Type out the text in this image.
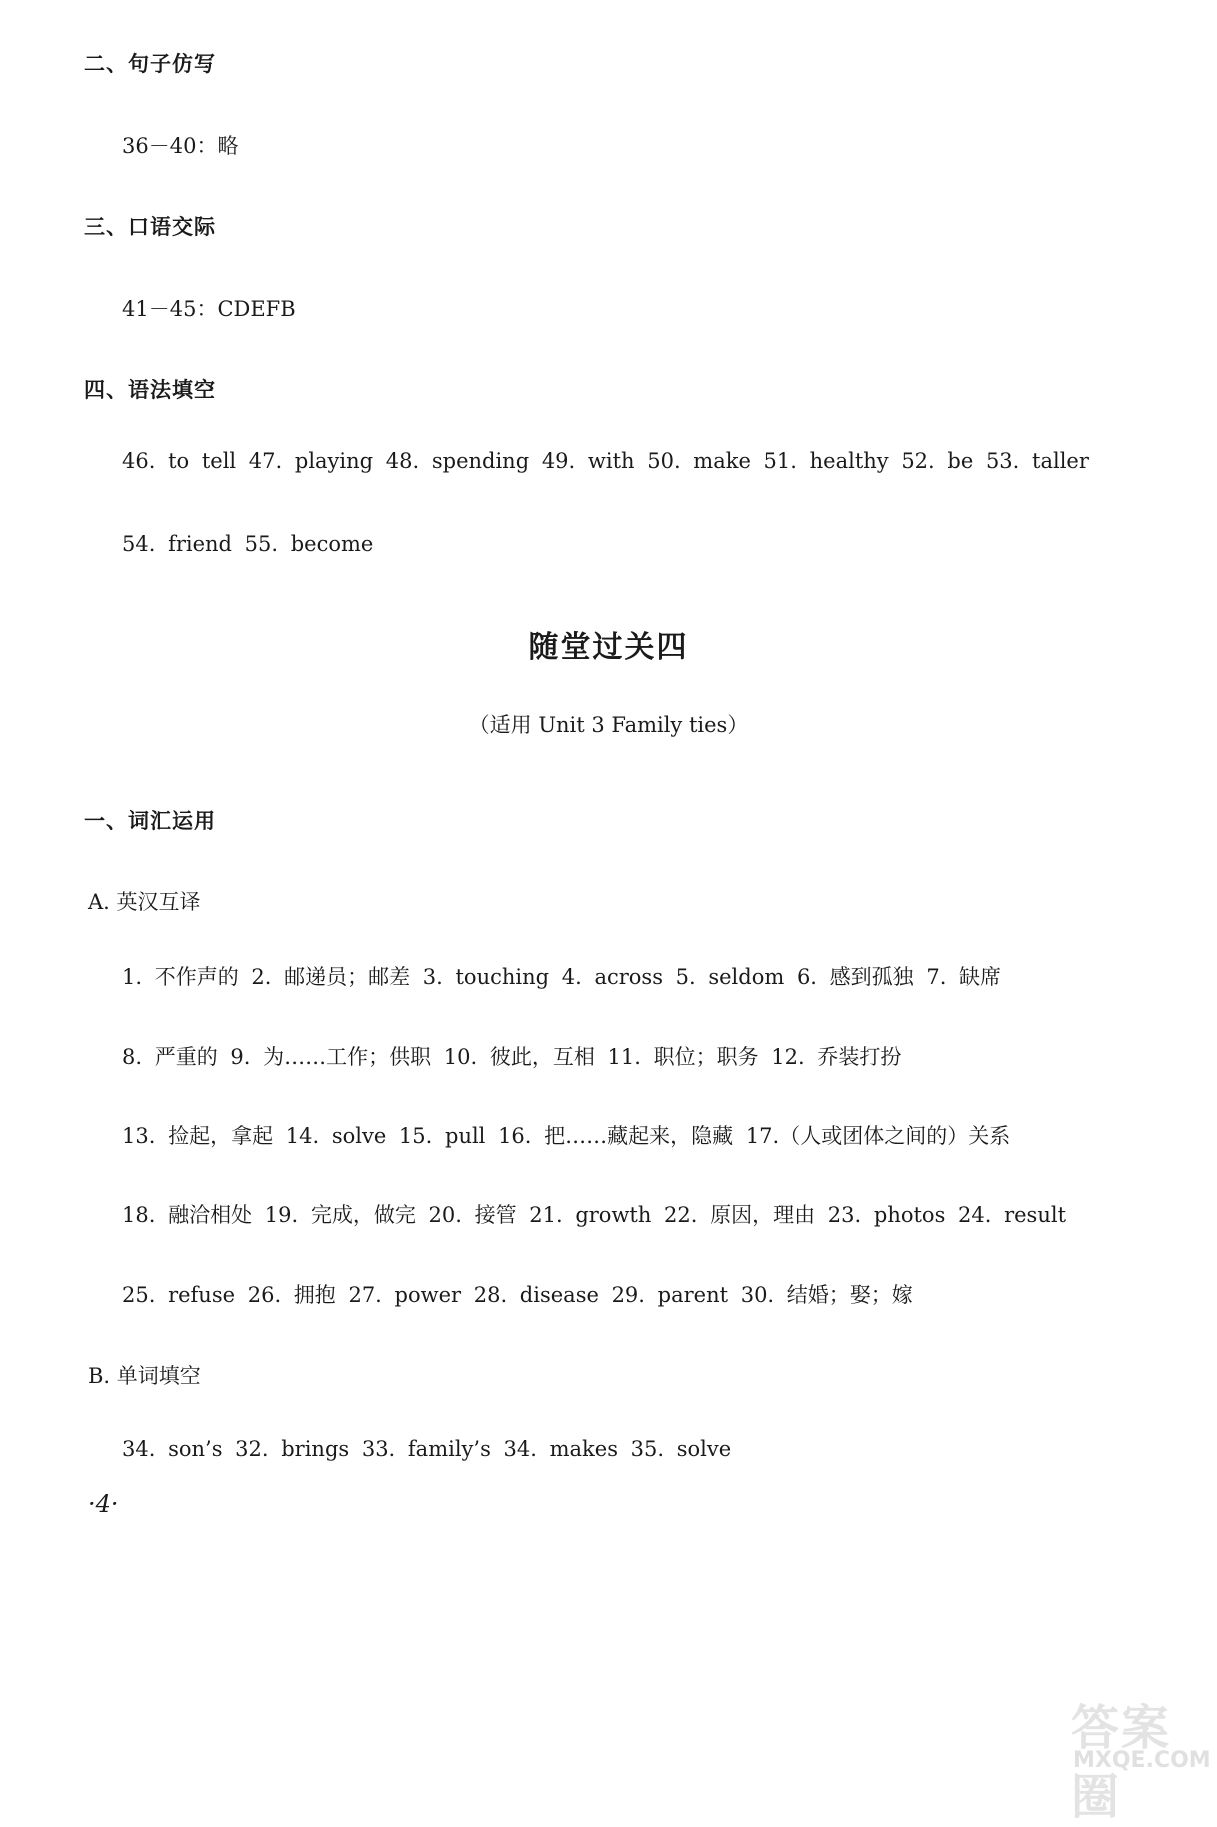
二、句子仿写
36－40：略
三、口语交际
41－45：CDEFB
四、语法填空
46. to tell 47. playing 48. spending 49. with 50. make 51. healthy 52. be 53. taller
54. friend 55. become
随堂过关四
（适用 Unit 3 Family ties）
一、词汇运用
A. 英汉互译
1. 不作声的 2. 邮递员；邮差 3. touching 4. across 5. seldom 6. 感到孤独 7. 缺席
8. 严重的 9. 为……工作；供职 10. 彼此，互相 11. 职位；职务 12. 乔装打扮
13. 捡起，拿起 14. solve 15. pull 16. 把……藏起来，隐藏 17.（人或团体之间的）关系
18. 融洽相处 19. 完成，做完 20. 接管 21. growth 22. 原因，理由 23. photos 24. result
25. refuse 26. 拥抱 27. power 28. disease 29. parent 30. 结婚；娶；嫁
B. 单词填空
34. son’s 32. brings 33. family’s 34. makes 35. solve
·4·
答案圈
MXQE.COM
